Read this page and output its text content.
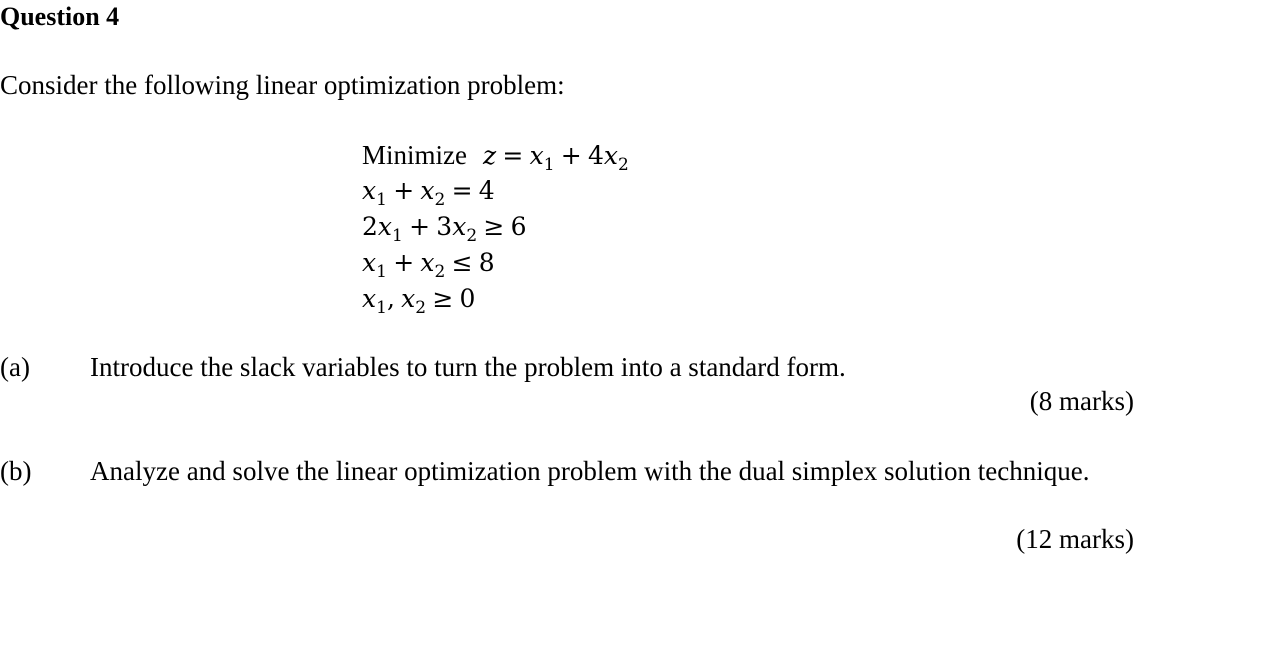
Question 4
Consider the following linear optimization problem:
Minimize z = $x_1$ + $4x_2$
$x_1$ + $x_2$ = 4
$2x_1$ + $3x_2$ ≥ 6
$x_1$ + $x_2$ ≤ 8
$x_1$, $x_2$ ≥ 0
(a) Introduce the slack variables to turn the problem into a standard form.
(8 marks)
(b) Analyze and solve the linear optimization problem with the dual simplex solution technique.
(12 marks)
